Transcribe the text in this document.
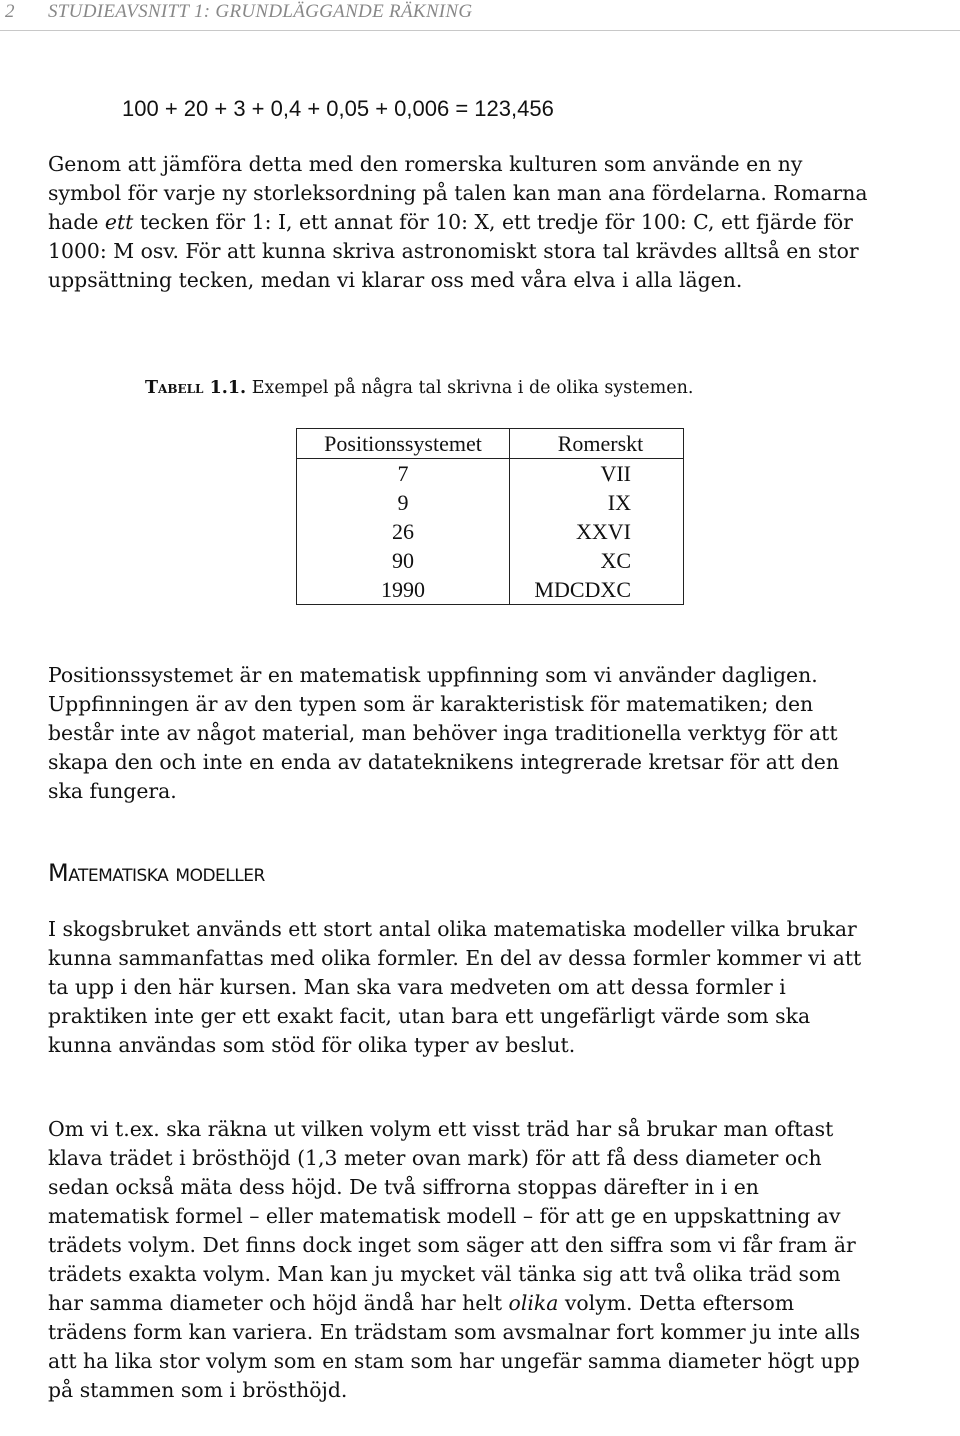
2 STUDIEAVSNITT 1: GRUNDLÄGGANDE RÄKNING
100 + 20 + 3 + 0,4 + 0,05 + 0,006 = 123,456

Genom att jämföra detta med den romerska kulturen som använde en ny symbol för varje ny storleksordning på talen kan man ana fördelarna. Romarna hade ett tecken för 1: I, ett annat för 10: X, ett tredje för 100: C, ett fjärde för 1000: M osv. För att kunna skriva astronomiskt stora tal krävdes alltså en stor uppsättning tecken, medan vi klarar oss med våra elva i alla lägen.

Tabell 1.1. Exempel på några tal skrivna i de olika systemen.
Positionssystemet	Romerskt
7	VII
9	IX
26	XXVI
90	XC
1990	MDCDXC

Positionssystemet är en matematisk uppfinning som vi använder dagligen. Uppfinningen är av den typen som är karakteristisk för matematiken; den består inte av något material, man behöver inga traditionella verktyg för att skapa den och inte en enda av datateknikens integrerade kretsar för att den ska fungera.

Matematiska modeller

I skogsbruket används ett stort antal olika matematiska modeller vilka brukar kunna sammanfattas med olika formler. En del av dessa formler kommer vi att ta upp i den här kursen. Man ska vara medveten om att dessa formler i praktiken inte ger ett exakt facit, utan bara ett ungefärligt värde som ska kunna användas som stöd för olika typer av beslut.

Om vi t.ex. ska räkna ut vilken volym ett visst träd har så brukar man oftast klava trädet i brösthöjd (1,3 meter ovan mark) för att få dess diameter och sedan också mäta dess höjd. De två siffrorna stoppas därefter in i en matematisk formel – eller matematisk modell – för att ge en uppskattning av trädets volym. Det finns dock inget som säger att den siffra som vi får fram är trädets exakta volym. Man kan ju mycket väl tänka sig att två olika träd som har samma diameter och höjd ändå har helt olika volym. Detta eftersom trädens form kan variera. En trädstam som avsmalnar fort kommer ju inte alls att ha lika stor volym som en stam som har ungefär samma diameter högt upp på stammen som i brösthöjd.
